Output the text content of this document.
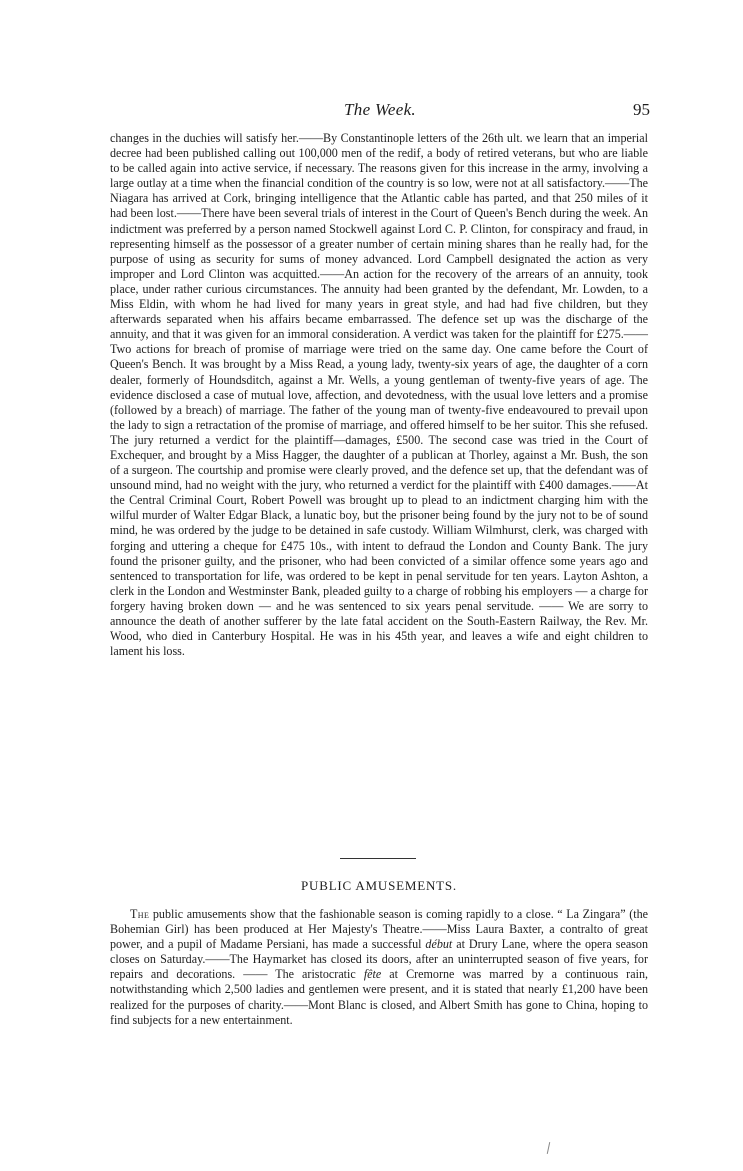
The Week.	95

changes in the duchies will satisfy her.——By Constantinople letters of the 26th ult. we learn that an imperial decree had been published calling out 100,000 men of the redif, a body of retired veterans, but who are liable to be called again into active service, if necessary. The reasons given for this increase in the army, involving a large outlay at a time when the financial condition of the country is so low, were not at all satisfactory.——The Niagara has arrived at Cork, bringing intelligence that the Atlantic cable has parted, and that 250 miles of it had been lost.——There have been several trials of interest in the Court of Queen's Bench during the week. An indictment was preferred by a person named Stockwell against Lord C. P. Clinton, for conspiracy and fraud, in representing himself as the possessor of a greater number of certain mining shares than he really had, for the purpose of using as security for sums of money advanced. Lord Campbell designated the action as very improper and Lord Clinton was acquitted.——An action for the recovery of the arrears of an annuity, took place, under rather curious circumstances. The annuity had been granted by the defendant, Mr. Lowden, to a Miss Eldin, with whom he had lived for many years in great style, and had had five children, but they afterwards separated when his affairs became embarrassed. The defence set up was the discharge of the annuity, and that it was given for an immoral consideration. A verdict was taken for the plaintiff for £275.——Two actions for breach of promise of marriage were tried on the same day. One came before the Court of Queen's Bench. It was brought by a Miss Read, a young lady, twenty-six years of age, the daughter of a corn dealer, formerly of Houndsditch, against a Mr. Wells, a young gentleman of twenty-five years of age. The evidence disclosed a case of mutual love, affection, and devotedness, with the usual love letters and a promise (followed by a breach) of marriage. The father of the young man of twenty-five endeavoured to prevail upon the lady to sign a retractation of the promise of marriage, and offered himself to be her suitor. This she refused. The jury returned a verdict for the plaintiff—damages, £500. The second case was tried in the Court of Exchequer, and brought by a Miss Hagger, the daughter of a publican at Thorley, against a Mr. Bush, the son of a surgeon. The courtship and promise were clearly proved, and the defence set up, that the defendant was of unsound mind, had no weight with the jury, who returned a verdict for the plaintiff with £400 damages.——At the Central Criminal Court, Robert Powell was brought up to plead to an indictment charging him with the wilful murder of Walter Edgar Black, a lunatic boy, but the prisoner being found by the jury not to be of sound mind, he was ordered by the judge to be detained in safe custody. William Wilmhurst, clerk, was charged with forging and uttering a cheque for £475 10s., with intent to defraud the London and County Bank. The jury found the prisoner guilty, and the prisoner, who had been convicted of a similar offence some years ago and sentenced to transportation for life, was ordered to be kept in penal servitude for ten years. Layton Ashton, a clerk in the London and Westminster Bank, pleaded guilty to a charge of robbing his employers — a charge for forgery having broken down — and he was sentenced to six years penal servitude. —— We are sorry to announce the death of another sufferer by the late fatal accident on the South-Eastern Railway, the Rev. Mr. Wood, who died in Canterbury Hospital. He was in his 45th year, and leaves a wife and eight children to lament his loss.

PUBLIC AMUSEMENTS.

The public amusements show that the fashionable season is coming rapidly to a close. “ La Zingara” (the Bohemian Girl) has been produced at Her Majesty's Theatre.——Miss Laura Baxter, a contralto of great power, and a pupil of Madame Persiani, has made a successful début at Drury Lane, where the opera season closes on Saturday.——The Haymarket has closed its doors, after an uninterrupted season of five years, for repairs and decorations. —— The aristocratic fête at Cremorne was marred by a continuous rain, notwithstanding which 2,500 ladies and gentlemen were present, and it is stated that nearly £1,200 have been realized for the purposes of charity.——Mont Blanc is closed, and Albert Smith has gone to China, hoping to find subjects for a new entertainment.
